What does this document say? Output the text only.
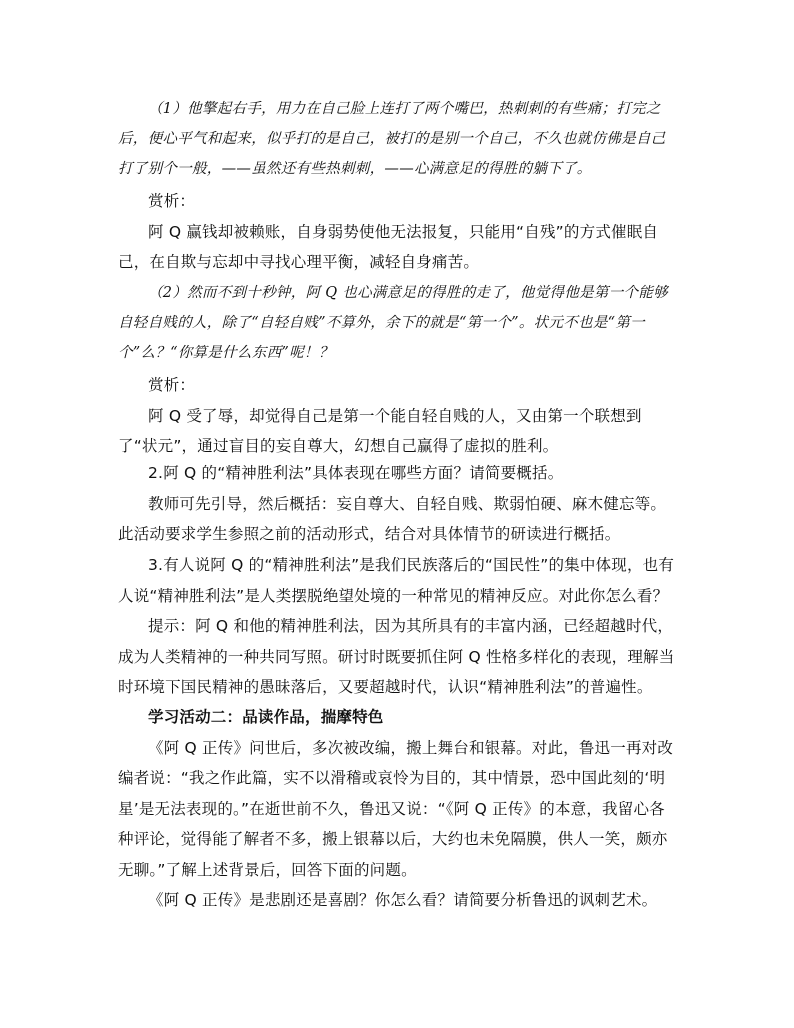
（1）他擎起右手，用力在自己脸上连打了两个嘴巴，热刺刺的有些痛；打完之后，便心平气和起来，似乎打的是自己，被打的是别一个自己，不久也就仿佛是自己打了别个一般，——虽然还有些热刺刺，——心满意足的得胜的躺下了。

赏析：

阿 Q 赢钱却被赖账，自身弱势使他无法报复，只能用“自残”的方式催眠自己，在自欺与忘却中寻找心理平衡，减轻自身痛苦。

（2）然而不到十秒钟，阿 Q 也心满意足的得胜的走了，他觉得他是第一个能够自轻自贱的人，除了“自轻自贱”不算外，余下的就是“第一个”。状元不也是“第一个”么？“你算是什么东西”呢！？

赏析：

阿 Q 受了辱，却觉得自己是第一个能自轻自贱的人，又由第一个联想到了“状元”，通过盲目的妄自尊大，幻想自己赢得了虚拟的胜利。

2.阿 Q 的“精神胜利法”具体表现在哪些方面？请简要概括。

教师可先引导，然后概括：妄自尊大、自轻自贱、欺弱怕硬、麻木健忘等。此活动要求学生参照之前的活动形式，结合对具体情节的研读进行概括。

3.有人说阿 Q 的“精神胜利法”是我们民族落后的“国民性”的集中体现，也有人说“精神胜利法”是人类摆脱绝望处境的一种常见的精神反应。对此你怎么看？

提示：阿 Q 和他的精神胜利法，因为其所具有的丰富内涵，已经超越时代，成为人类精神的一种共同写照。研讨时既要抓住阿 Q 性格多样化的表现，理解当时环境下国民精神的愚昧落后，又要超越时代，认识“精神胜利法”的普遍性。

学习活动二：品读作品，揣摩特色

《阿 Q 正传》问世后，多次被改编，搬上舞台和银幕。对此，鲁迅一再对改编者说：“我之作此篇，实不以滑稽或哀怜为目的，其中情景，恐中国此刻的‘明星’是无法表现的。”在逝世前不久，鲁迅又说：“《阿 Q 正传》的本意，我留心各种评论，觉得能了解者不多，搬上银幕以后，大约也未免隔膜，供人一笑，颇亦无聊。”了解上述背景后，回答下面的问题。

《阿 Q 正传》是悲剧还是喜剧？你怎么看？请简要分析鲁迅的讽刺艺术。
